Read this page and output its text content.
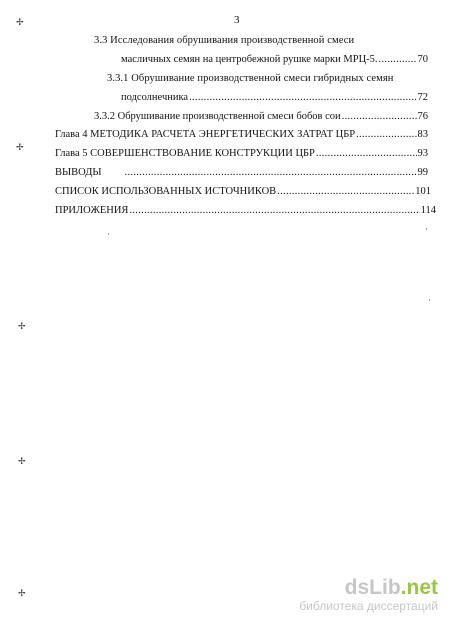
3
3.3 Исследования обрушивания производственной смеси
масличных семян на центробежной рушке марки МРЦ-5. .....	70
3.3.1 Обрушивание производственной смеси гибридных семян
подсолнечника .....	72
3.3.2 Обрушивание производственной смеси бобов сои .....	76
Глава 4 МЕТОДИКА РАСЧЕТА ЭНЕРГЕТИЧЕСКИХ ЗАТРАТ ЦБР .....	83
Глава 5 СОВЕРШЕНСТВОВАНИЕ КОНСТРУКЦИИ ЦБР .....	93
ВЫВОДЫ .....	99
СПИСОК ИСПОЛЬЗОВАННЫХ ИСТОЧНИКОВ .....	101
ПРИЛОЖЕНИЯ .....	114
✢
✢
✢
✢
✢
·	·
·
dsLib.net
библиотека диссертаций
